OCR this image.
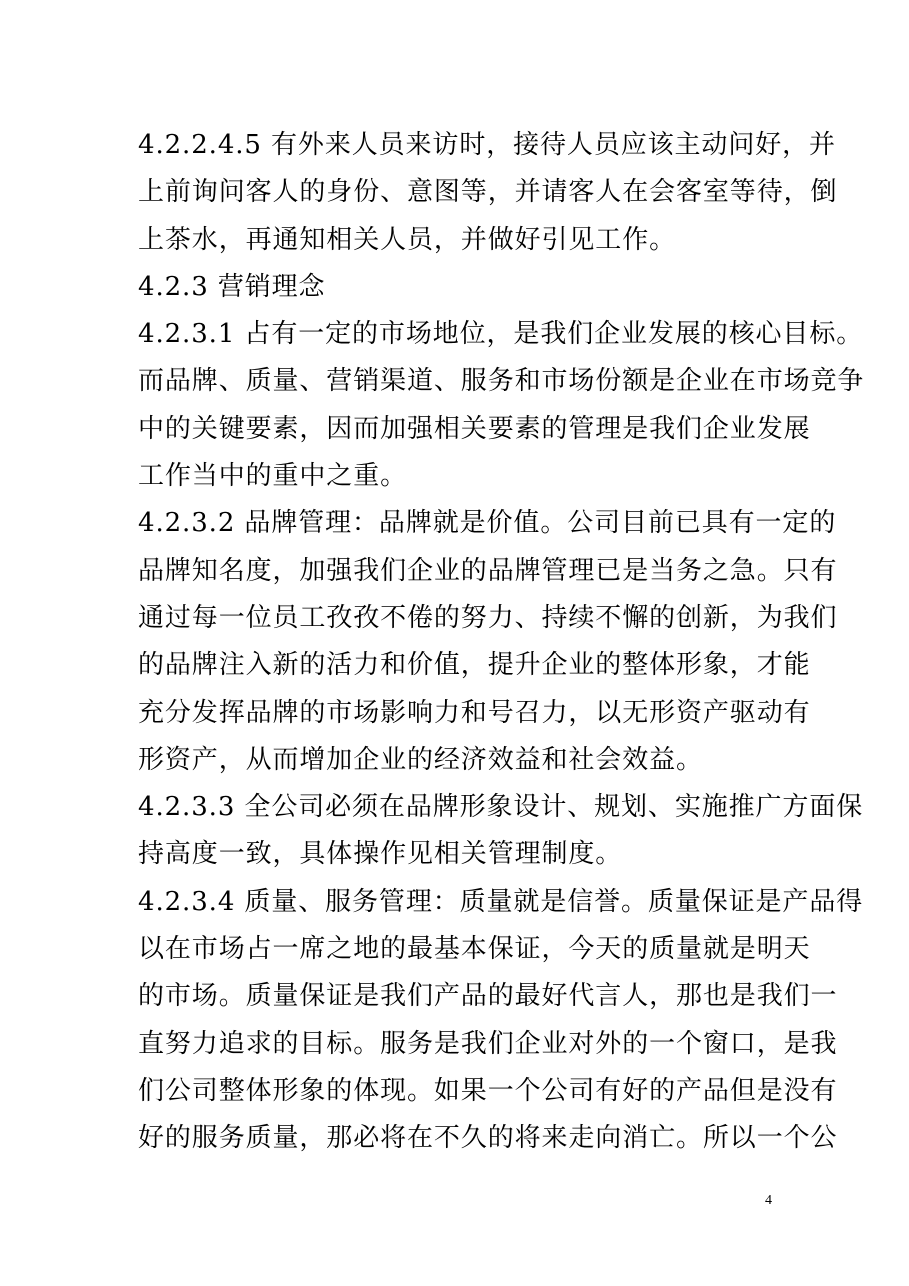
4.2.2.4.5 有外来人员来访时，接待人员应该主动问好，并
上前询问客人的身份、意图等，并请客人在会客室等待，倒
上茶水，再通知相关人员，并做好引见工作。
4.2.3 营销理念
4.2.3.1 占有一定的市场地位，是我们企业发展的核心目标。
而品牌、质量、营销渠道、服务和市场份额是企业在市场竞争
中的关键要素，因而加强相关要素的管理是我们企业发展
工作当中的重中之重。
4.2.3.2 品牌管理：品牌就是价值。公司目前已具有一定的
品牌知名度，加强我们企业的品牌管理已是当务之急。只有
通过每一位员工孜孜不倦的努力、持续不懈的创新，为我们
的品牌注入新的活力和价值，提升企业的整体形象，才能
充分发挥品牌的市场影响力和号召力，以无形资产驱动有
形资产，从而增加企业的经济效益和社会效益。
4.2.3.3 全公司必须在品牌形象设计、规划、实施推广方面保
持高度一致，具体操作见相关管理制度。
4.2.3.4 质量、服务管理：质量就是信誉。质量保证是产品得
以在市场占一席之地的最基本保证，今天的质量就是明天
的市场。质量保证是我们产品的最好代言人，那也是我们一
直努力追求的目标。服务是我们企业对外的一个窗口，是我
们公司整体形象的体现。如果一个公司有好的产品但是没有
好的服务质量，那必将在不久的将来走向消亡。所以一个公
4
